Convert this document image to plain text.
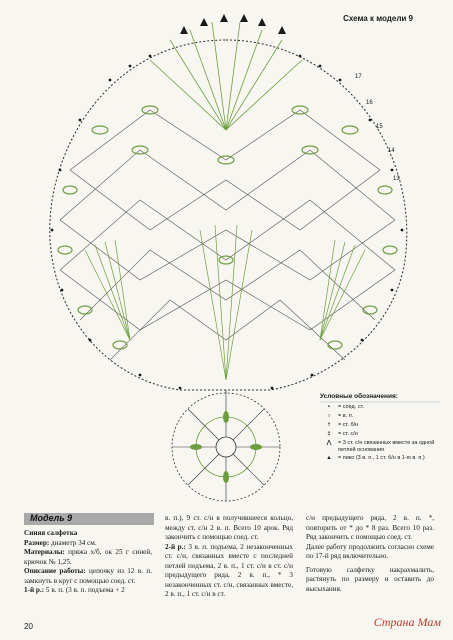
Схема к модели 9
17
16
15
14
13
Условные обозначения:
•	= соед. ст.
○	= в. п.
†	= ст. б/н
‡	= ст. с/н
⋀	= 3 ст. с/н связанных вместе за одной петлей основания
▲	= пико (3 в. п., 1 ст. б/н в 1-ю в. п.)
Модель 9

Синяя салфетка

Размер: диаметр 34 см.

Материалы: пряжа х/б, ок 25 г синей, крючок № 1,25.

Описание работы: цепочку из 12 в. п. замкнуть в круг с помощью соед. ст.

1-й р.: 5 в. п. (3 в. п. подъема + 2

в. п.), 9 ст. с/н в получившееся кольцо, между ст. с/н 2 в. п. Всего 10 арок. Ряд закончить с помощью соед. ст.

2-й р.: 3 в. п. подъема, 2 незаконченных ст. с/н, связанных вместе с последней петлей подъема, 2 в. п., 1 ст. с/н в ст. с/н предыдущего ряда, 2 в. п., * 3 незаконченных ст. с/н, связанных вместе, 2 в. п., 1 ст. с/н в ст.

с/н предыдущего ряда, 2 в. п. *, повторить от * до * 8 раз. Всего 10 раз. Ряд закончить с помощью соед. ст.

Далее работу продолжить согласно схеме по 17-й ряд включительно.

Готовую салфетку накрахмалить, растянуть по размеру и оставить до высыхания.

20	Страна Мам
